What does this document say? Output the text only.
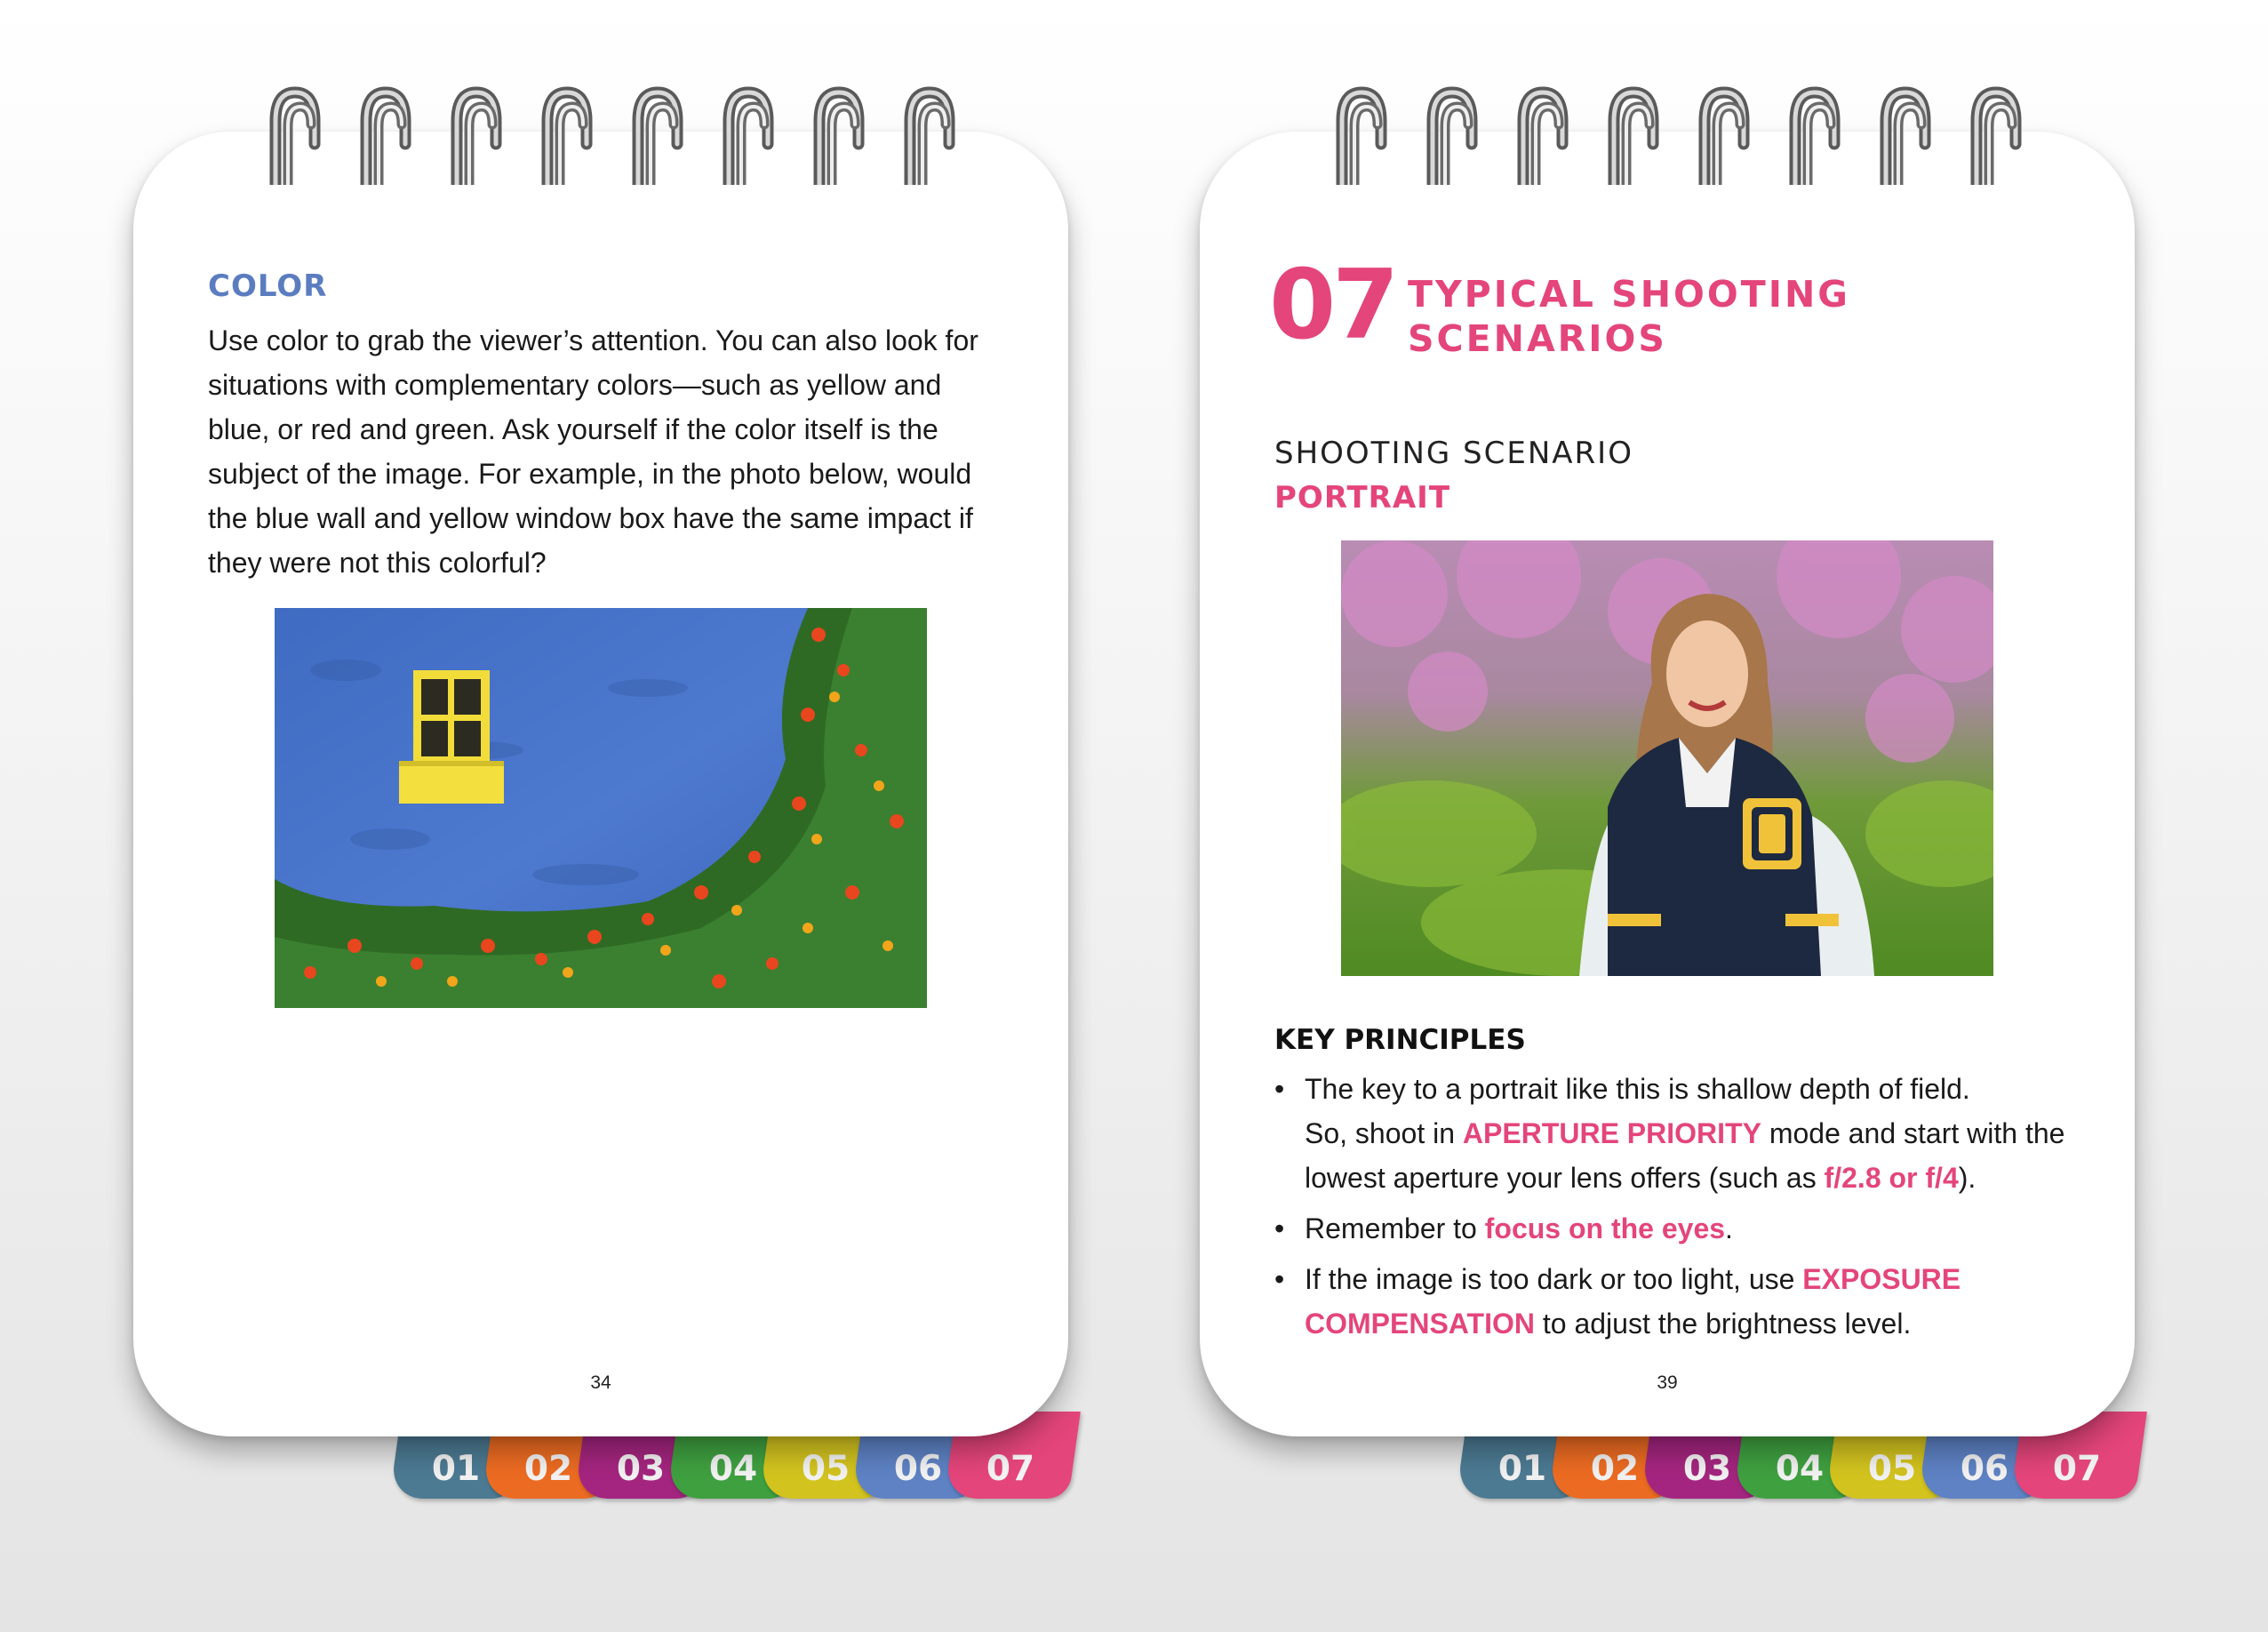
01 02 03 04 05 06 07
COLOR

Use color to grab the viewer’s attention. You can also look for situations with complementary colors—such as yellow and blue, or red and green. Ask yourself if the color itself is the subject of the image. For example, in the photo below, would the blue wall and yellow window box have the same impact if they were not this colorful?

34
01 02 03 04 05 06 07
07 TYPICAL SHOOTING
SCENARIOS
SHOOTING SCENARIO
PORTRAIT
KEY PRINCIPLES
• The key to a portrait like this is shallow depth of field.
So, shoot in APERTURE PRIORITY mode and start with the
lowest aperture your lens offers (such as f/2.8 or f/4).
• Remember to focus on the eyes.
• If the image is too dark or too light, use EXPOSURE
COMPENSATION to adjust the brightness level.
39
